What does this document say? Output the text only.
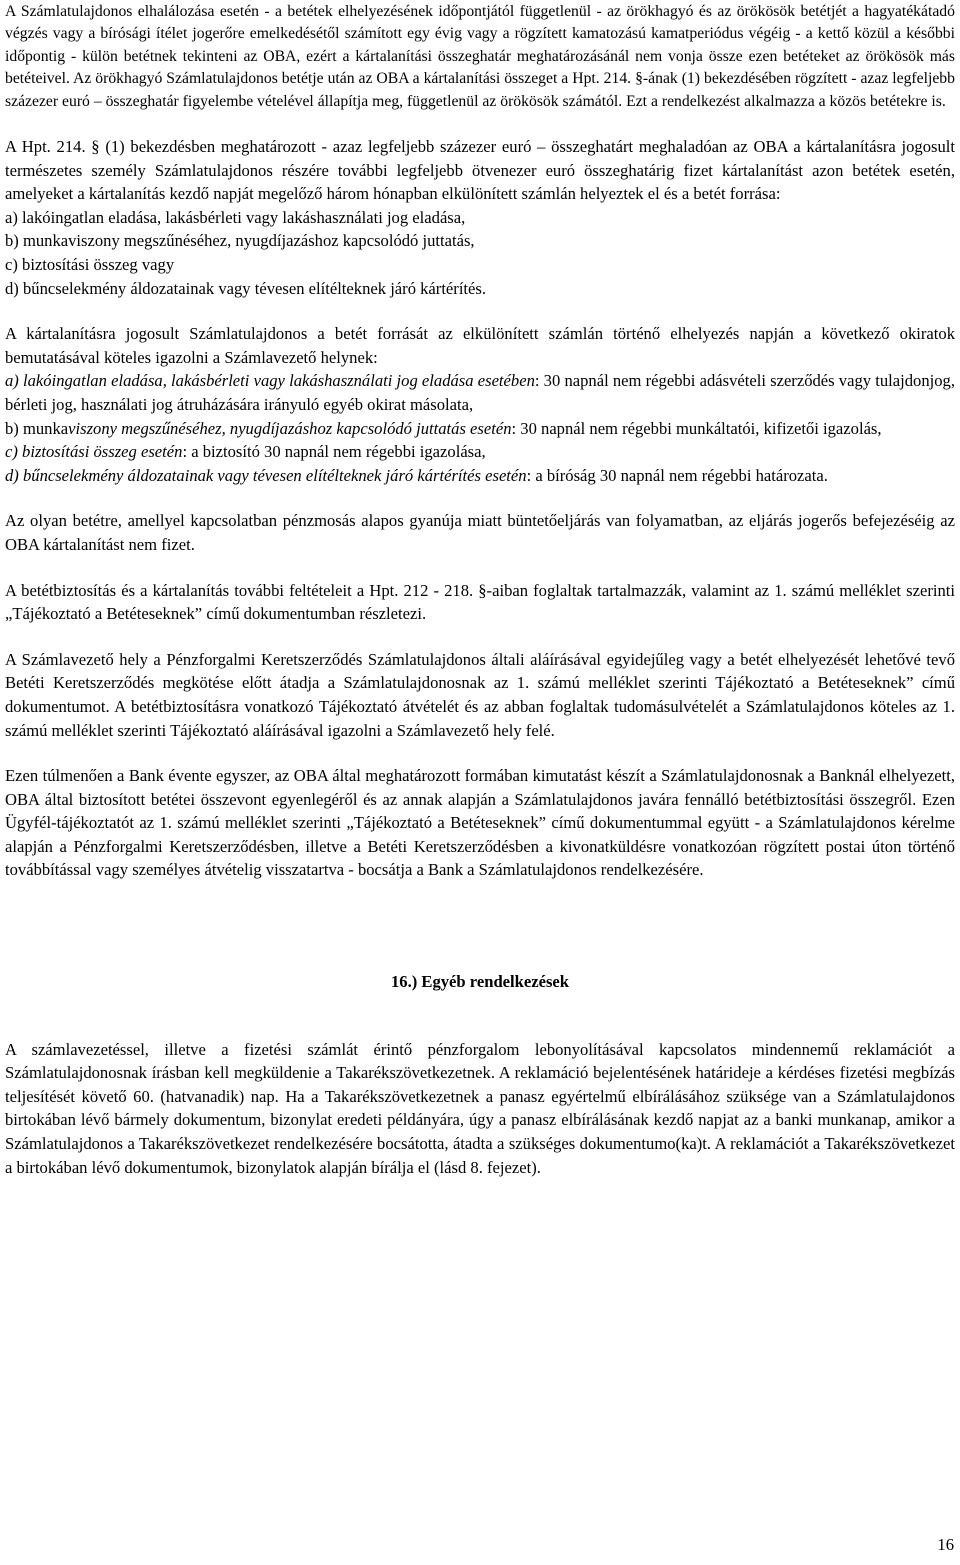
A Számlatulajdonos elhalálozása esetén - a betétek elhelyezésének időpontjától függetlenül - az örökhagyó és az örökösök betétjét a hagyatékátadó végzés vagy a bírósági ítélet jogerőre emelkedésétől számított egy évig vagy a rögzített kamatozású kamatperiódus végéig - a kettő közül a későbbi időpontig - külön betétnek tekinteni az OBA, ezért a kártalanítási összeghatár meghatározásánál nem vonja össze ezen betéteket az örökösök más betéteivel. Az örökhagyó Számlatulajdonos betétje után az OBA a kártalanítási összeget a Hpt. 214. §-ának (1) bekezdésében rögzített - azaz legfeljebb százezer euró – összeghatár figyelembe vételével állapítja meg, függetlenül az örökösök számától. Ezt a rendelkezést alkalmazza a közös betétekre is.

A Hpt. 214. § (1) bekezdésben meghatározott - azaz legfeljebb százezer euró – összeghatárt meghaladóan az OBA a kártalanításra jogosult természetes személy Számlatulajdonos részére további legfeljebb ötvenezer euró összeghatárig fizet kártalanítást azon betétek esetén, amelyeket a kártalanítás kezdő napját megelőző három hónapban elkülönített számlán helyeztek el és a betét forrása:

a) lakóingatlan eladása, lakásbérleti vagy lakáshasználati jog eladása,

b) munkaviszony megszűnéséhez, nyugdíjazáshoz kapcsolódó juttatás,

c) biztosítási összeg vagy

d) bűncselekmény áldozatainak vagy tévesen elítélteknek járó kártérítés.

A kártalanításra jogosult Számlatulajdonos a betét forrását az elkülönített számlán történő elhelyezés napján a következő okiratok bemutatásával köteles igazolni a Számlavezető helynek:

a) lakóingatlan eladása, lakásbérleti vagy lakáshasználati jog eladása esetében: 30 napnál nem régebbi adásvételi szerződés vagy tulajdonjog, bérleti jog, használati jog átruházására irányuló egyéb okirat másolata,

b) munkaviszony megszűnéséhez, nyugdíjazáshoz kapcsolódó juttatás esetén: 30 napnál nem régebbi munkáltatói, kifizetői igazolás,

c) biztosítási összeg esetén: a biztosító 30 napnál nem régebbi igazolása,

d) bűncselekmény áldozatainak vagy tévesen elítélteknek járó kártérítés esetén: a bíróság 30 napnál nem régebbi határozata.

Az olyan betétre, amellyel kapcsolatban pénzmosás alapos gyanúja miatt büntetőeljárás van folyamatban, az eljárás jogerős befejezéséig az OBA kártalanítást nem fizet.

A betétbiztosítás és a kártalanítás további feltételeit a Hpt. 212 - 218. §-aiban foglaltak tartalmazzák, valamint az 1. számú melléklet szerinti „Tájékoztató a Betéteseknek” című dokumentumban részletezi.

A Számlavezető hely a Pénzforgalmi Keretszerződés Számlatulajdonos általi aláírásával egyidejűleg vagy a betét elhelyezését lehetővé tevő Betéti Keretszerződés megkötése előtt átadja a Számlatulajdonosnak az 1. számú melléklet szerinti Tájékoztató a Betéteseknek” című dokumentumot. A betétbiztosításra vonatkozó Tájékoztató átvételét és az abban foglaltak tudomásulvételét a Számlatulajdonos köteles az 1. számú melléklet szerinti Tájékoztató aláírásával igazolni a Számlavezető hely felé.

Ezen túlmenően a Bank évente egyszer, az OBA által meghatározott formában kimutatást készít a Számlatulajdonosnak a Banknál elhelyezett, OBA által biztosított betétei összevont egyenlegéről és az annak alapján a Számlatulajdonos javára fennálló betétbiztosítási összegről. Ezen Ügyfél-tájékoztatót az 1. számú melléklet szerinti „Tájékoztató a Betéteseknek” című dokumentummal együtt - a Számlatulajdonos kérelme alapján a Pénzforgalmi Keretszerződésben, illetve a Betéti Keretszerződésben a kivonatküldésre vonatkozóan rögzített postai úton történő továbbítással vagy személyes átvételig visszatartva - bocsátja a Bank a Számlatulajdonos rendelkezésére.

16.) Egyéb rendelkezések

A számlavezetéssel, illetve a fizetési számlát érintő pénzforgalom lebonyolításával kapcsolatos mindennemű reklamációt a Számlatulajdonosnak írásban kell megküldenie a Takarékszövetkezetnek. A reklamáció bejelentésének határideje a kérdéses fizetési megbízás teljesítését követő 60. (hatvanadik) nap. Ha a Takarékszövetkezetnek a panasz egyértelmű elbírálásához szüksége van a Számlatulajdonos birtokában lévő bármely dokumentum, bizonylat eredeti példányára, úgy a panasz elbírálásának kezdő napjat az a banki munkanap, amikor a Számlatulajdonos a Takarékszövetkezet rendelkezésére bocsátotta, átadta a szükséges dokumentumo(ka)t. A reklamációt a Takarékszövetkezet a birtokában lévő dokumentumok, bizonylatok alapján bírálja el (lásd 8. fejezet).

16
